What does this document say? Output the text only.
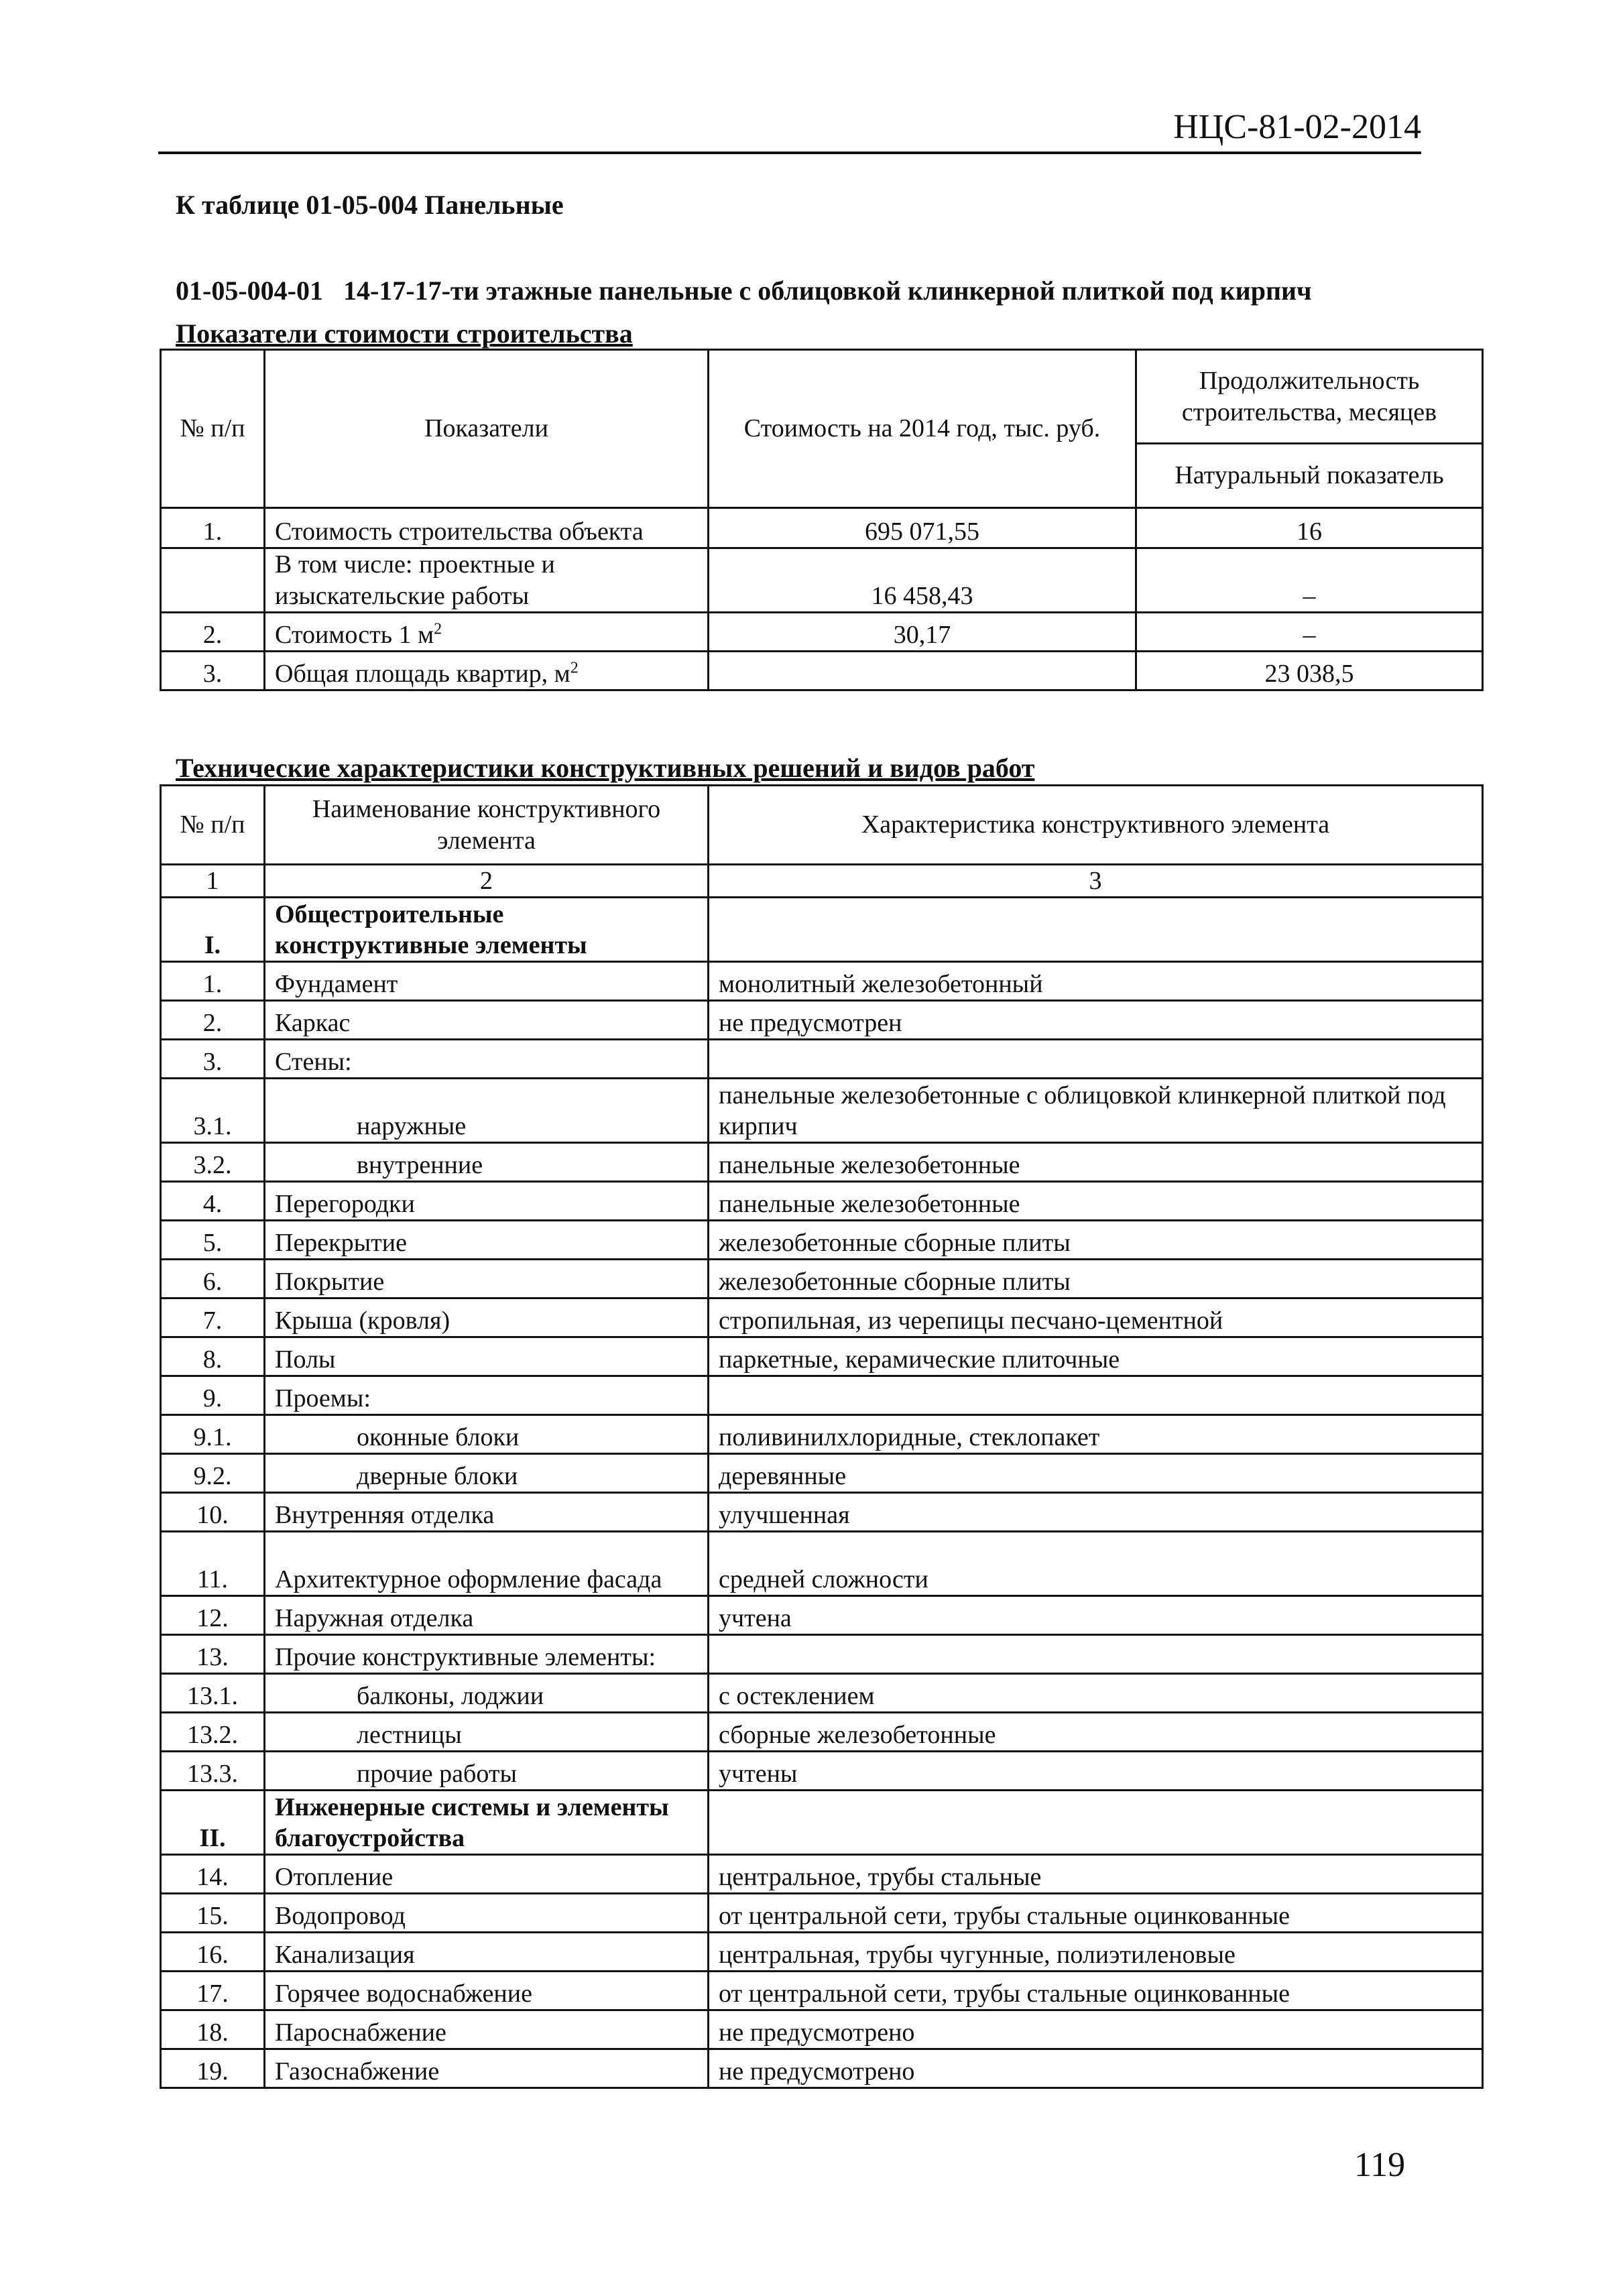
НЦС-81-02-2014
К таблице 01-05-004 Панельные
01-05-004-01 14-17-17-ти этажные панельные с облицовкой клинкерной плиткой под кирпич
Показатели стоимости строительства
№ п/п	Показатели	Стоимость на 2014 год, тыс. руб.	Продолжительность строительства, месяцев
			Натуральный показатель
1.	Стоимость строительства объекта	695 071,55	16
	В том числе: проектные и изыскательские работы	16 458,43	–
2.	Стоимость 1 $м^2$	30,17	–
3.	Общая площадь квартир, $м^2$		23 038,5
Технические характеристики конструктивных решений и видов работ
№ п/п	Наименование конструктивного элемента	Характеристика конструктивного элемента
1	2	3
I.	Общестроительные конструктивные элементы	
1.	Фундамент	монолитный железобетонный
2.	Каркас	не предусмотрен
3.	Стены:	
3.1.	наружные	панельные железобетонные с облицовкой клинкерной плиткой под кирпич
3.2.	внутренние	панельные железобетонные
4.	Перегородки	панельные железобетонные
5.	Перекрытие	железобетонные сборные плиты
6.	Покрытие	железобетонные сборные плиты
7.	Крыша (кровля)	стропильная, из черепицы песчано-цементной
8.	Полы	паркетные, керамические плиточные
9.	Проемы:	
9.1.	оконные блоки	поливинилхлоридные, стеклопакет
9.2.	дверные блоки	деревянные
10.	Внутренняя отделка	улучшенная
11.	Архитектурное оформление фасада	средней сложности
12.	Наружная отделка	учтена
13.	Прочие конструктивные элементы:	
13.1.	балконы, лоджии	с остеклением
13.2.	лестницы	сборные железобетонные
13.3.	прочие работы	учтены
II.	Инженерные системы и элементы благоустройства	
14.	Отопление	центральное, трубы стальные
15.	Водопровод	от центральной сети, трубы стальные оцинкованные
16.	Канализация	центральная, трубы чугунные, полиэтиленовые
17.	Горячее водоснабжение	от центральной сети, трубы стальные оцинкованные
18.	Пароснабжение	не предусмотрено
19.	Газоснабжение	не предусмотрено
119
